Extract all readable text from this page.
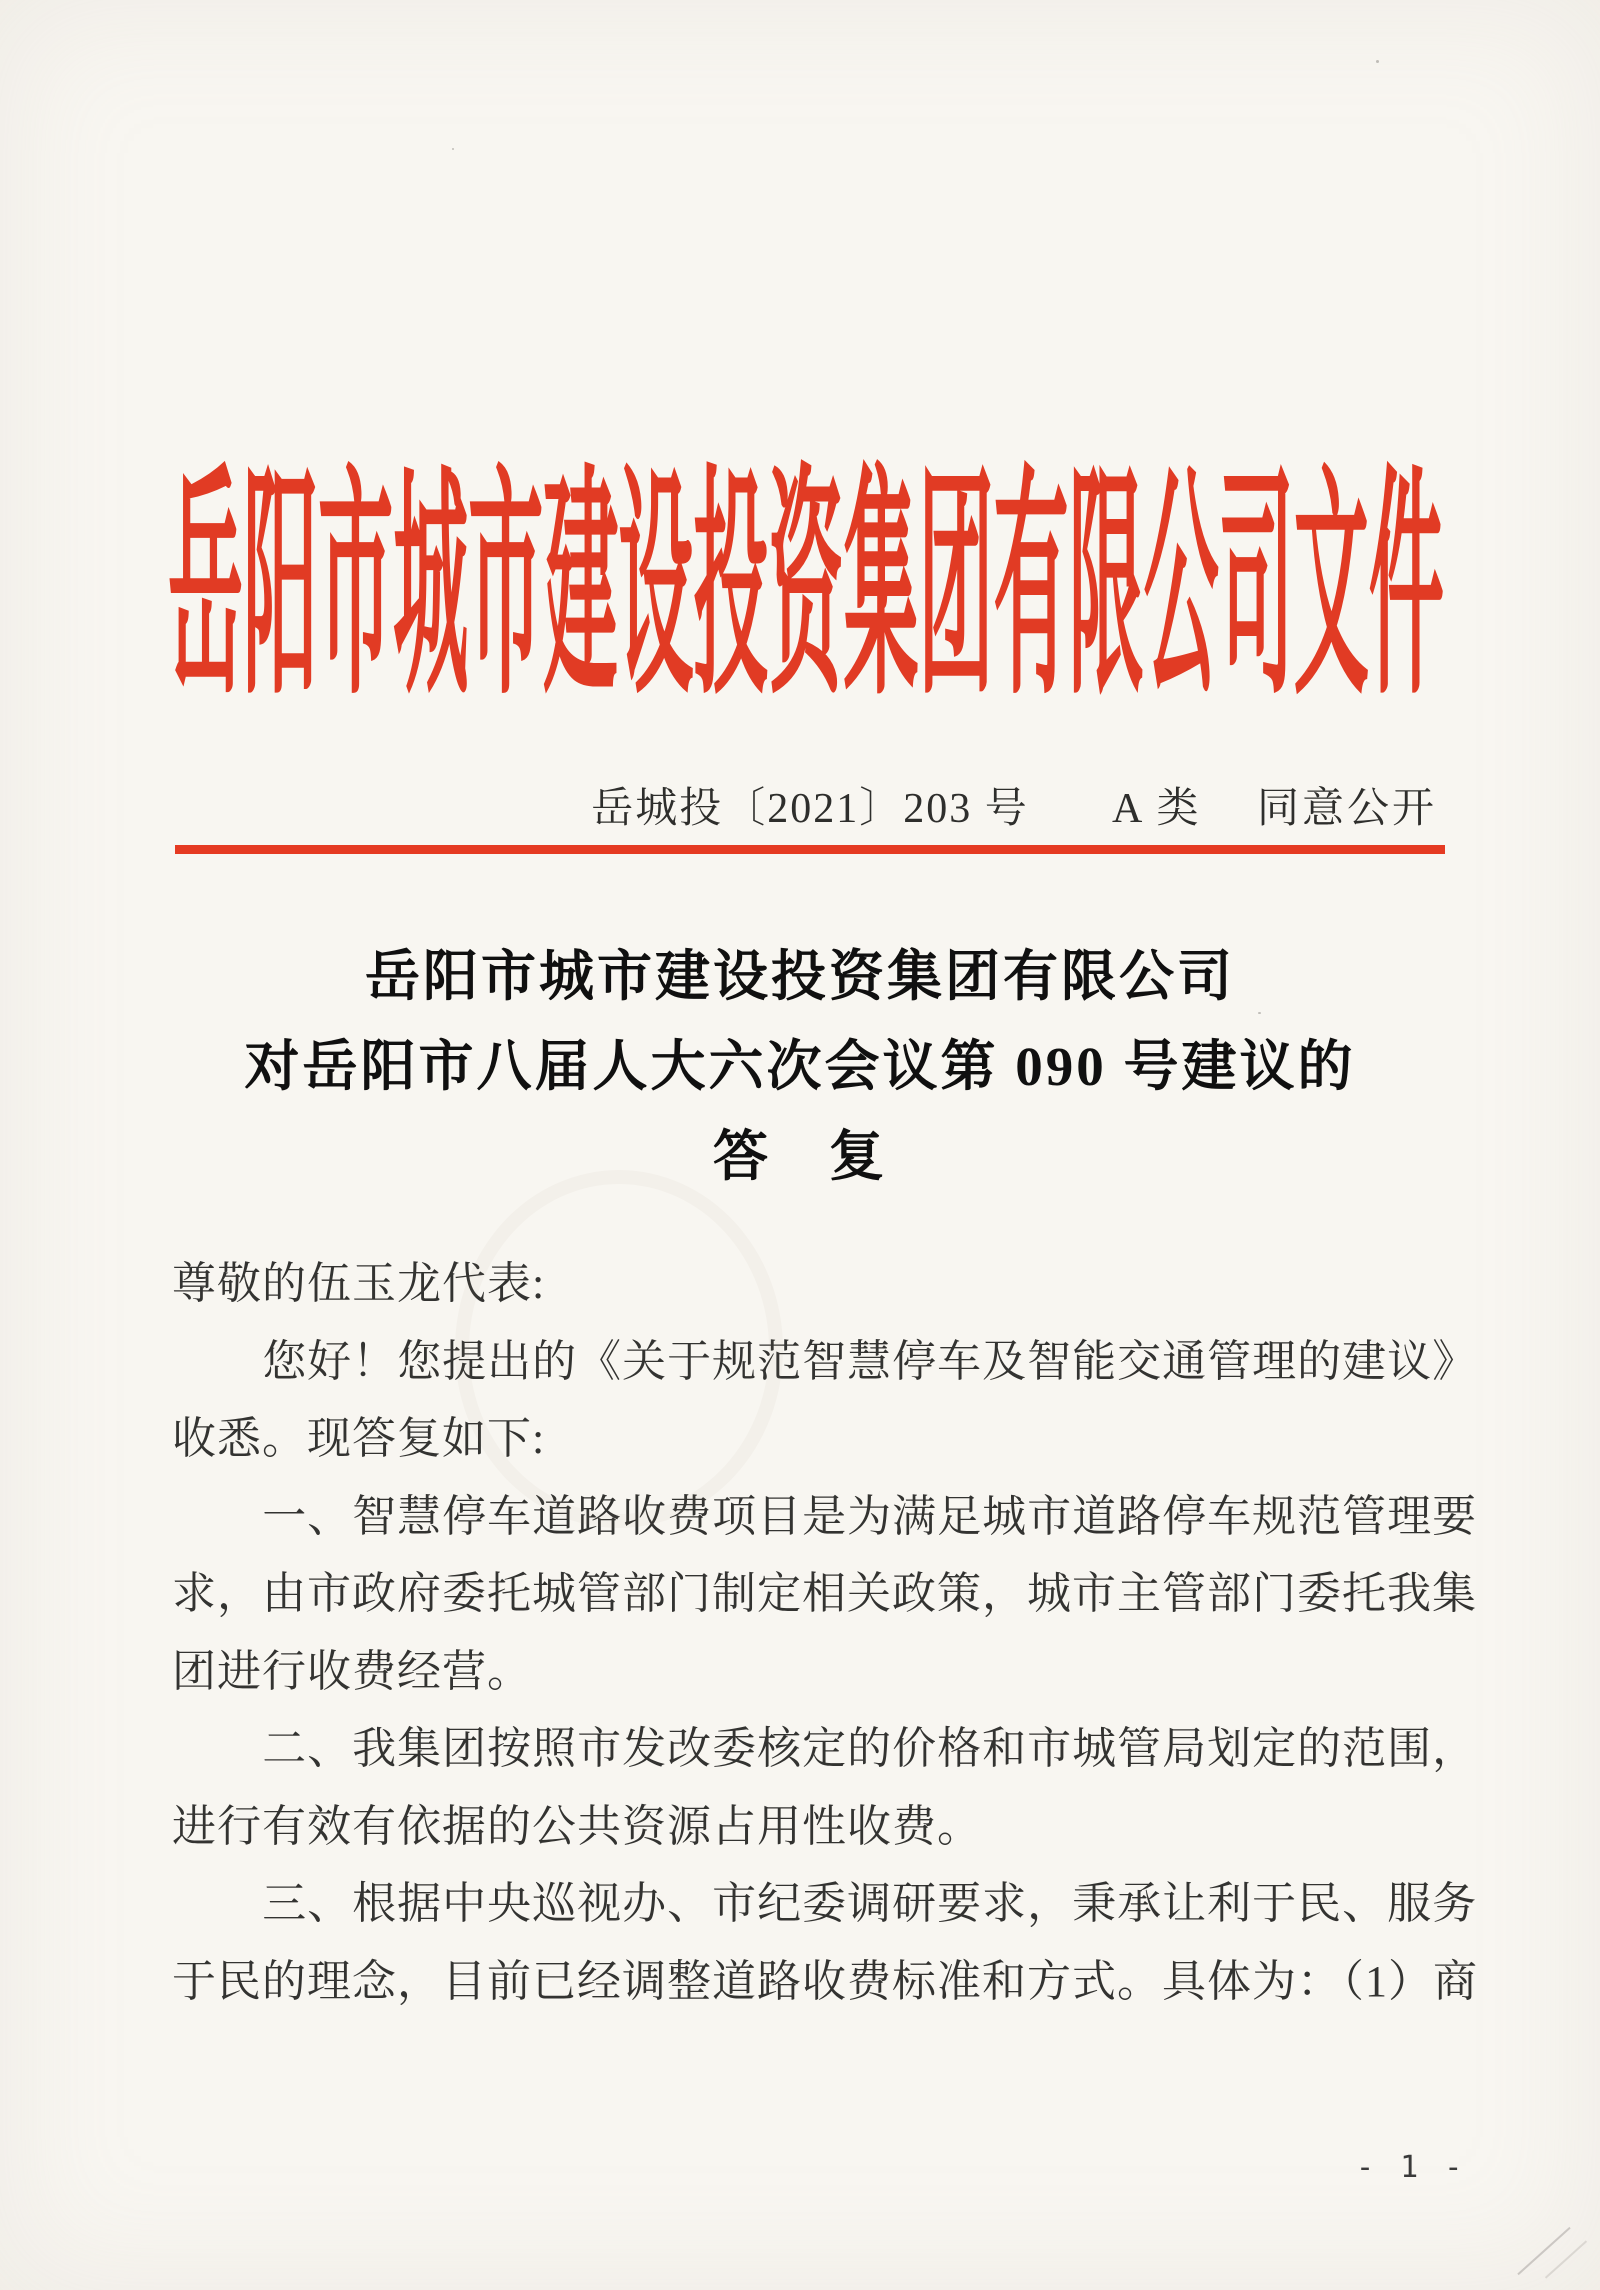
岳阳市城市建设投资集团有限公司文件
岳城投〔2021〕203 号 A 类 同意公开

岳阳市城市建设投资集团有限公司

对岳阳市八届人大六次会议第 090 号建议的

答　复

尊敬的伍玉龙代表:

您好！您提出的《关于规范智慧停车及智能交通管理的建议》

收悉。现答复如下:

一、智慧停车道路收费项目是为满足城市道路停车规范管理要

求，由市政府委托城管部门制定相关政策，城市主管部门委托我集

团进行收费经营。

二、我集团按照市发改委核定的价格和市城管局划定的范围，

进行有效有依据的公共资源占用性收费。

三、根据中央巡视办、市纪委调研要求，秉承让利于民、服务

于民的理念，目前已经调整道路收费标准和方式。具体为：（1）商

- 1 -
